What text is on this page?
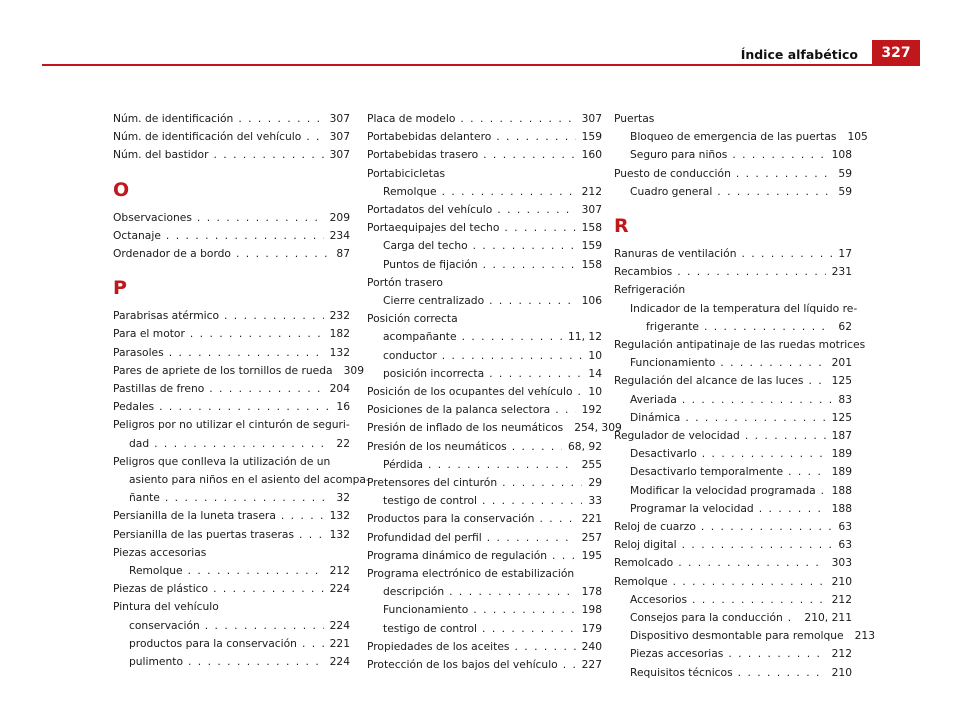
Índice alfabético	327
Núm. de identificación . . .	307
Núm. de identificación del vehículo . . .	307
Núm. del bastidor . . .	307
O
Observaciones . . .	209
Octanaje . . .	234
Ordenador de a bordo . . .	87
P
Parabrisas atérmico . . .	232
Para el motor . . .	182
Parasoles . . .	132
Pares de apriete de los tornillos de rueda 309
Pastillas de freno . . .	204
Pedales . . .	16
Peligros por no utilizar el cinturón de seguri-
dad . . .	22
Peligros que conlleva la utilización de un
asiento para niños en el asiento del acompa-
ñante . . .	32
Persianilla de la luneta trasera . . .	132
Persianilla de las puertas traseras . . .	132
Piezas accesorias
Remolque . . .	212
Piezas de plástico . . .	224
Pintura del vehículo
conservación . . .	224
productos para la conservación . . .	221
pulimento . . .	224
Placa de modelo . . .	307
Portabebidas delantero . . .	159
Portabebidas trasero . . .	160
Portabicicletas
Remolque . . .	212
Portadatos del vehículo . . .	307
Portaequipajes del techo . . .	158
Carga del techo . . .	159
Puntos de fijación . . .	158
Portón trasero
Cierre centralizado . . .	106
Posición correcta
acompañante . . .	11, 12
conductor . . .	10
posición incorrecta . . .	14
Posición de los ocupantes del vehículo . . . 10
Posiciones de la palanca selectora . . .	192
Presión de inflado de los neumáticos 254, 309
Presión de los neumáticos . . .	68, 92
Pérdida . . .	255
Pretensores del cinturón . . .	29
testigo de control . . .	33
Productos para la conservación . . .	221
Profundidad del perfil . . .	257
Programa dinámico de regulación . . .	195
Programa electrónico de estabilización
descripción . . .	178
Funcionamiento . . .	198
testigo de control . . .	179
Propiedades de los aceites . . .	240
Protección de los bajos del vehículo . . . 227
Puertas
Bloqueo de emergencia de las puertas 105
Seguro para niños . . .	108
Puesto de conducción . . .	59
Cuadro general . . .	59
R
Ranuras de ventilación . . .	17
Recambios . . .	231
Refrigeración
Indicador de la temperatura del líquido re-
frigerante . . .	62
Regulación antipatinaje de las ruedas motrices
Funcionamiento . . .	201
Regulación del alcance de las luces . . .	125
Averiada . . .	83
Dinámica . . .	125
Regulador de velocidad . . .	187
Desactivarlo . . .	189
Desactivarlo temporalmente . . .	189
Modificar la velocidad programada . . . 188
Programar la velocidad . . .	188
Reloj de cuarzo . . .	63
Reloj digital . . .	63
Remolcado . . .	303
Remolque . . .	210
Accesorios . . .	212
Consejos para la conducción . . . 210, 211
Dispositivo desmontable para remolque 213
Piezas accesorias . . .	212
Requisitos técnicos . . .	210
